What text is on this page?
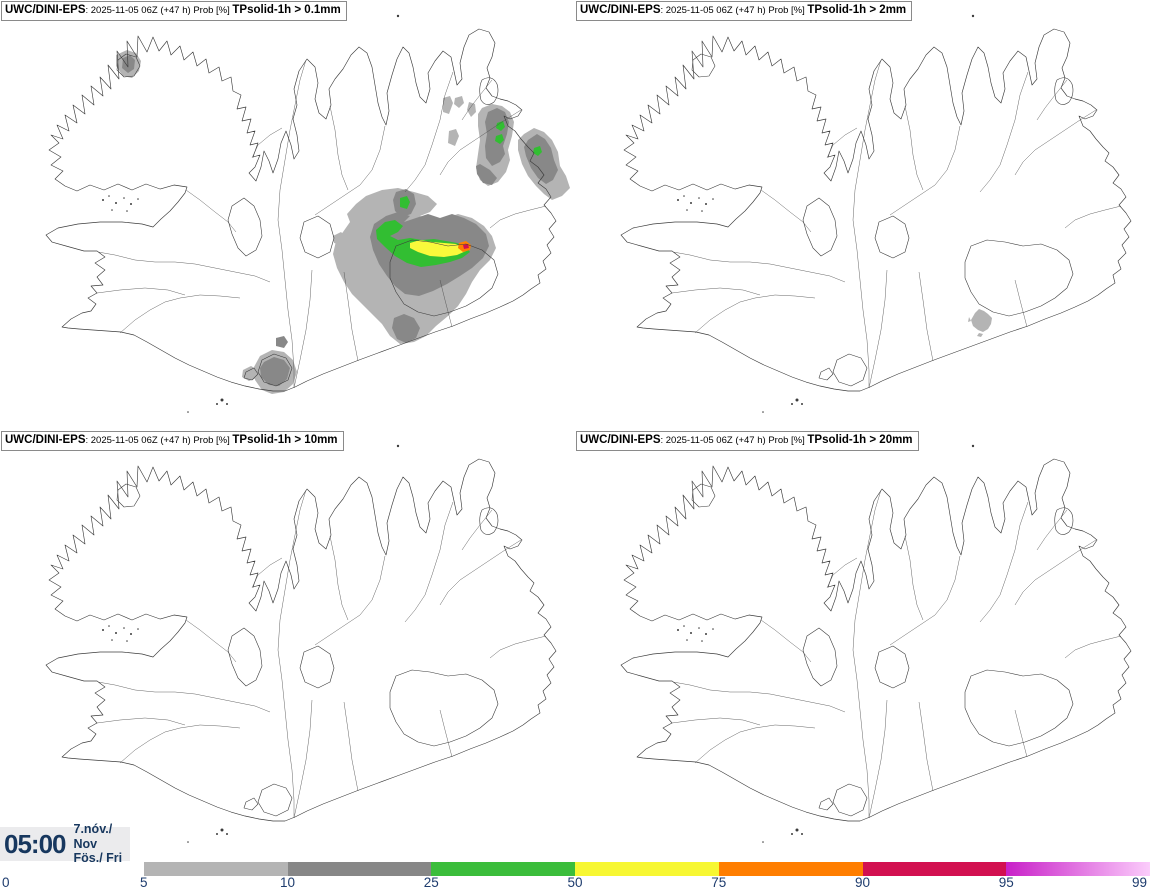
UWC/DINI-EPS: 2025-11-05 06Z (+47 h) Prob [%] TPsolid-1h > 0.1mm	UWC/DINI-EPS: 2025-11-05 06Z (+47 h) Prob [%] TPsolid-1h > 2mm
UWC/DINI-EPS: 2025-11-05 06Z (+47 h) Prob [%] TPsolid-1h > 10mm	UWC/DINI-EPS: 2025-11-05 06Z (+47 h) Prob [%] TPsolid-1h > 20mm
05:00 7.nóv./ Nov
Fös./ Fri
0	5	10	25	50	75	90	95	99
